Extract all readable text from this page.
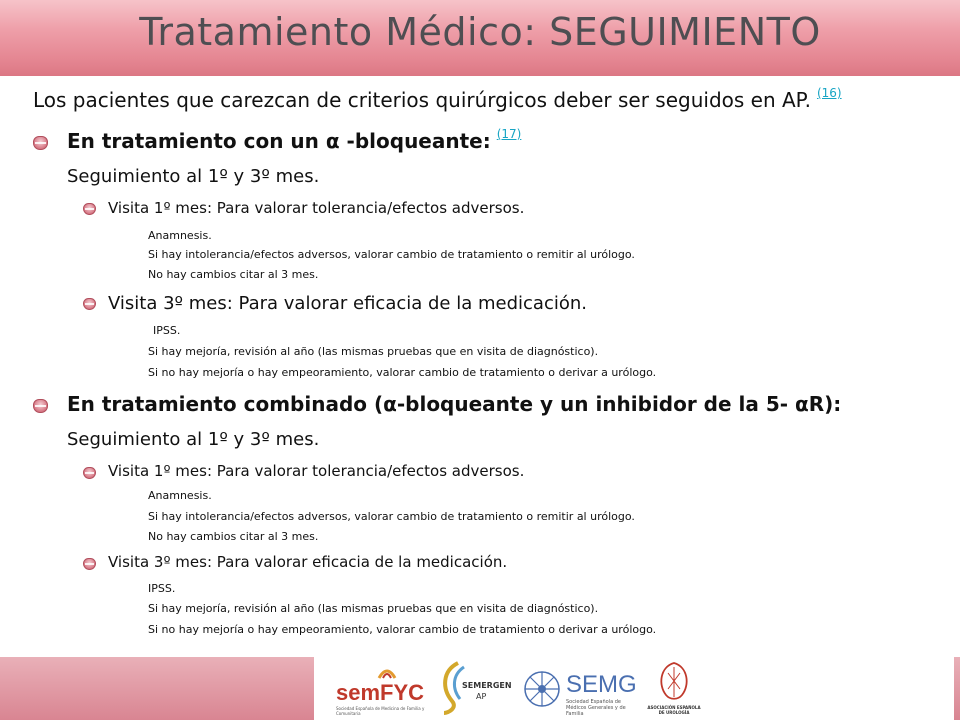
Tratamiento Médico: SEGUIMIENTO
Los pacientes que carezcan de criterios quirúrgicos deber ser seguidos en AP. $^{(16)}$
En tratamiento con un α -bloqueante: $^{(17)}$
Seguimiento al 1º y 3º mes.
Visita 1º mes: Para valorar tolerancia/efectos adversos.
Anamnesis.
Si hay intolerancia/efectos adversos, valorar cambio de tratamiento o remitir al urólogo.
No hay cambios citar al 3 mes.
Visita 3º mes: Para valorar eficacia de la medicación.
IPSS.
Si hay mejoría, revisión al año (las mismas pruebas que en visita de diagnóstico).
Si no hay mejoría o hay empeoramiento, valorar cambio de tratamiento o derivar a urólogo.
En tratamiento combinado (α-bloqueante y un inhibidor de la 5- αR):
Seguimiento al 1º y 3º mes.
Visita 1º mes: Para valorar tolerancia/efectos adversos.
Anamnesis.
Si hay intolerancia/efectos adversos, valorar cambio de tratamiento o remitir al urólogo.
No hay cambios citar al 3 mes.
Visita 3º mes: Para valorar eficacia de la medicación.
IPSS.
Si hay mejoría, revisión al año (las mismas pruebas que en visita de diagnóstico).
Si no hay mejoría o hay empeoramiento, valorar cambio de tratamiento o derivar a urólogo.
semFYC
Sociedad Española de Medicina de Familia y Comunitaria
SEMERGEN
AP	SEMG
Sociedad Española de Médicos Generales y de Familia
ASOCIACIÓN ESPAÑOLA DE UROLOGÍA
